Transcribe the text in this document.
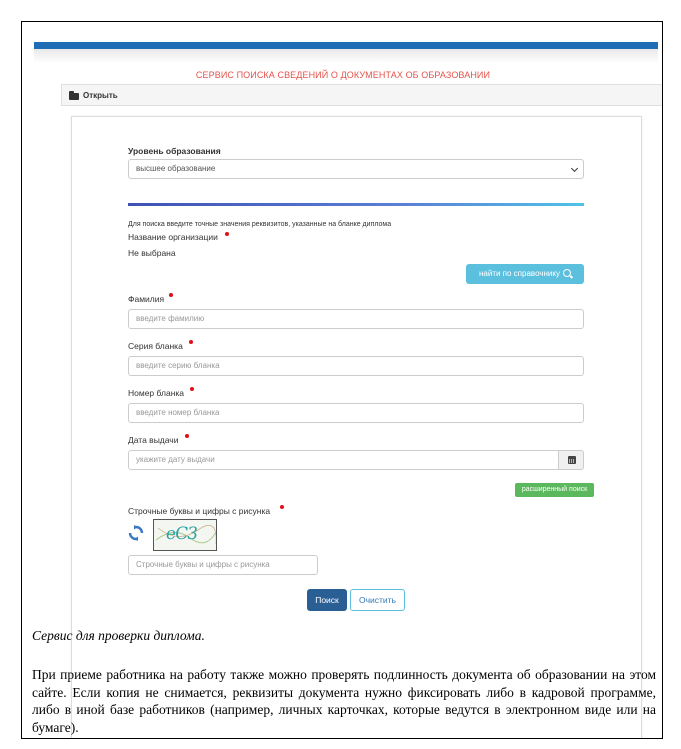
СЕРВИС ПОИСКА СВЕДЕНИЙ О ДОКУМЕНТАХ ОБ ОБРАЗОВАНИИ
Открыть
Уровень образования
высшее образование
Для поиска введите точные значения реквизитов, указанные на бланке диплома
Название организации
Не выбрана
найти по справочнику
Фамилия
введите фамилию
Серия бланка
введите серию бланка
Номер бланка
введите номер бланка
Дата выдачи
укажите дату выдачи
расширенный поиск
Строчные буквы и цифры с рисунка
eC3
Строчные буквы и цифры с рисунка
Поиск	Очистить
Сервис для проверки диплома.
При приеме работника на работу также можно проверять подлинность документа об образовании на этом сайте. Если копия не снимается, реквизиты документа нужно фиксировать либо в кадровой программе, либо в иной базе работников (например, личных карточках, которые ведутся в электронном виде или на бумаге).
